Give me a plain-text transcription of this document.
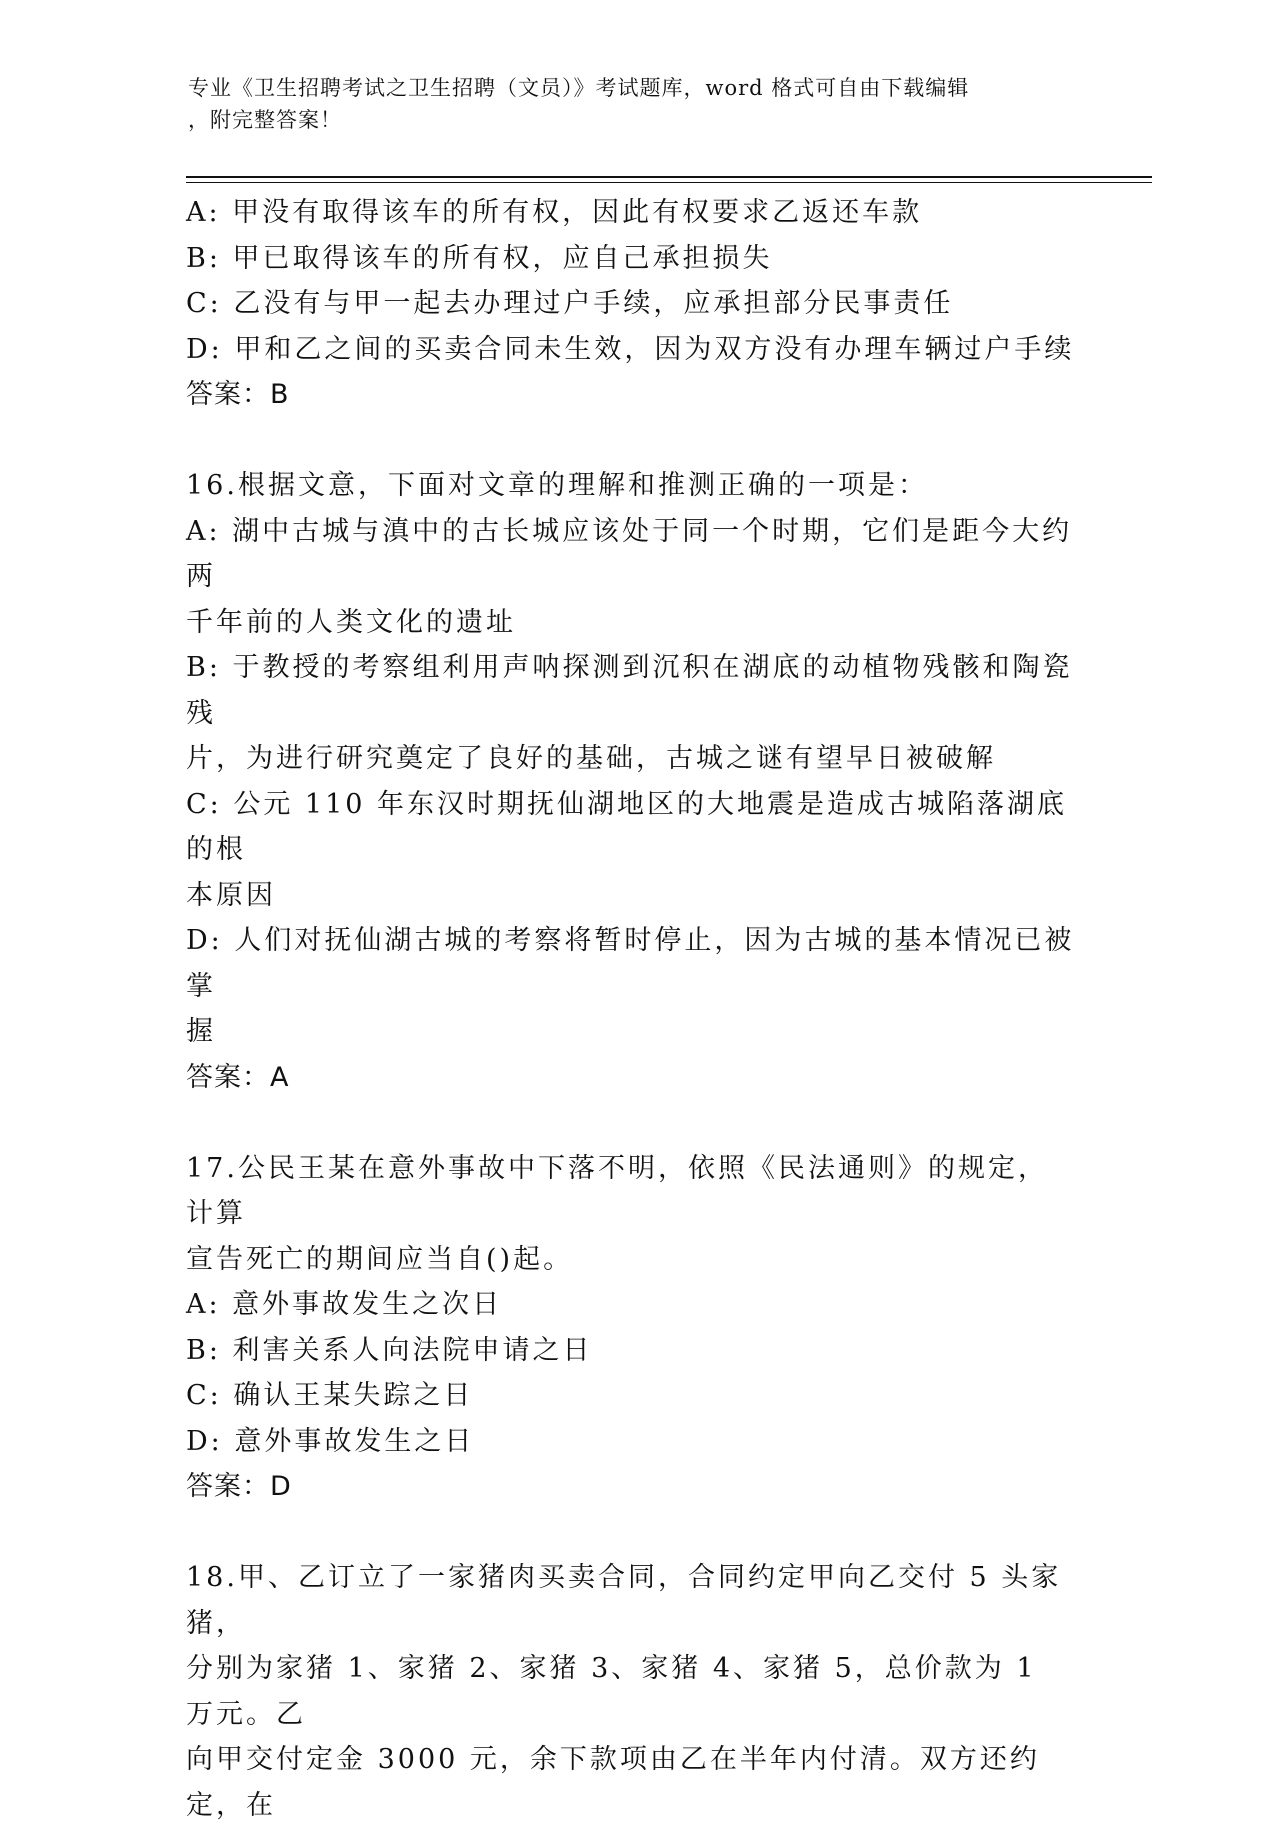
专业《卫生招聘考试之卫生招聘（文员）》考试题库，word 格式可自由下载编辑
，附完整答案！
A: 甲没有取得该车的所有权，因此有权要求乙返还车款
B: 甲已取得该车的所有权，应自己承担损失
C: 乙没有与甲一起去办理过户手续，应承担部分民事责任
D: 甲和乙之间的买卖合同未生效，因为双方没有办理车辆过户手续
答案：B
16.根据文意，下面对文章的理解和推测正确的一项是：
A: 湖中古城与滇中的古长城应该处于同一个时期，它们是距今大约两
千年前的人类文化的遗址
B: 于教授的考察组利用声呐探测到沉积在湖底的动植物残骸和陶瓷残
片，为进行研究奠定了良好的基础，古城之谜有望早日被破解
C: 公元 110 年东汉时期抚仙湖地区的大地震是造成古城陷落湖底的根
本原因
D: 人们对抚仙湖古城的考察将暂时停止，因为古城的基本情况已被掌
握
答案：A
17.公民王某在意外事故中下落不明，依照《民法通则》的规定，计算
宣告死亡的期间应当自()起。
A: 意外事故发生之次日
B: 利害关系人向法院申请之日
C: 确认王某失踪之日
D: 意外事故发生之日
答案：D
18.甲、乙订立了一家猪肉买卖合同，合同约定甲向乙交付 5 头家猪，
分别为家猪 1、家猪 2、家猪 3、家猪 4、家猪 5，总价款为 1 万元。乙
向甲交付定金 3000 元，余下款项由乙在半年内付清。双方还约定，在
